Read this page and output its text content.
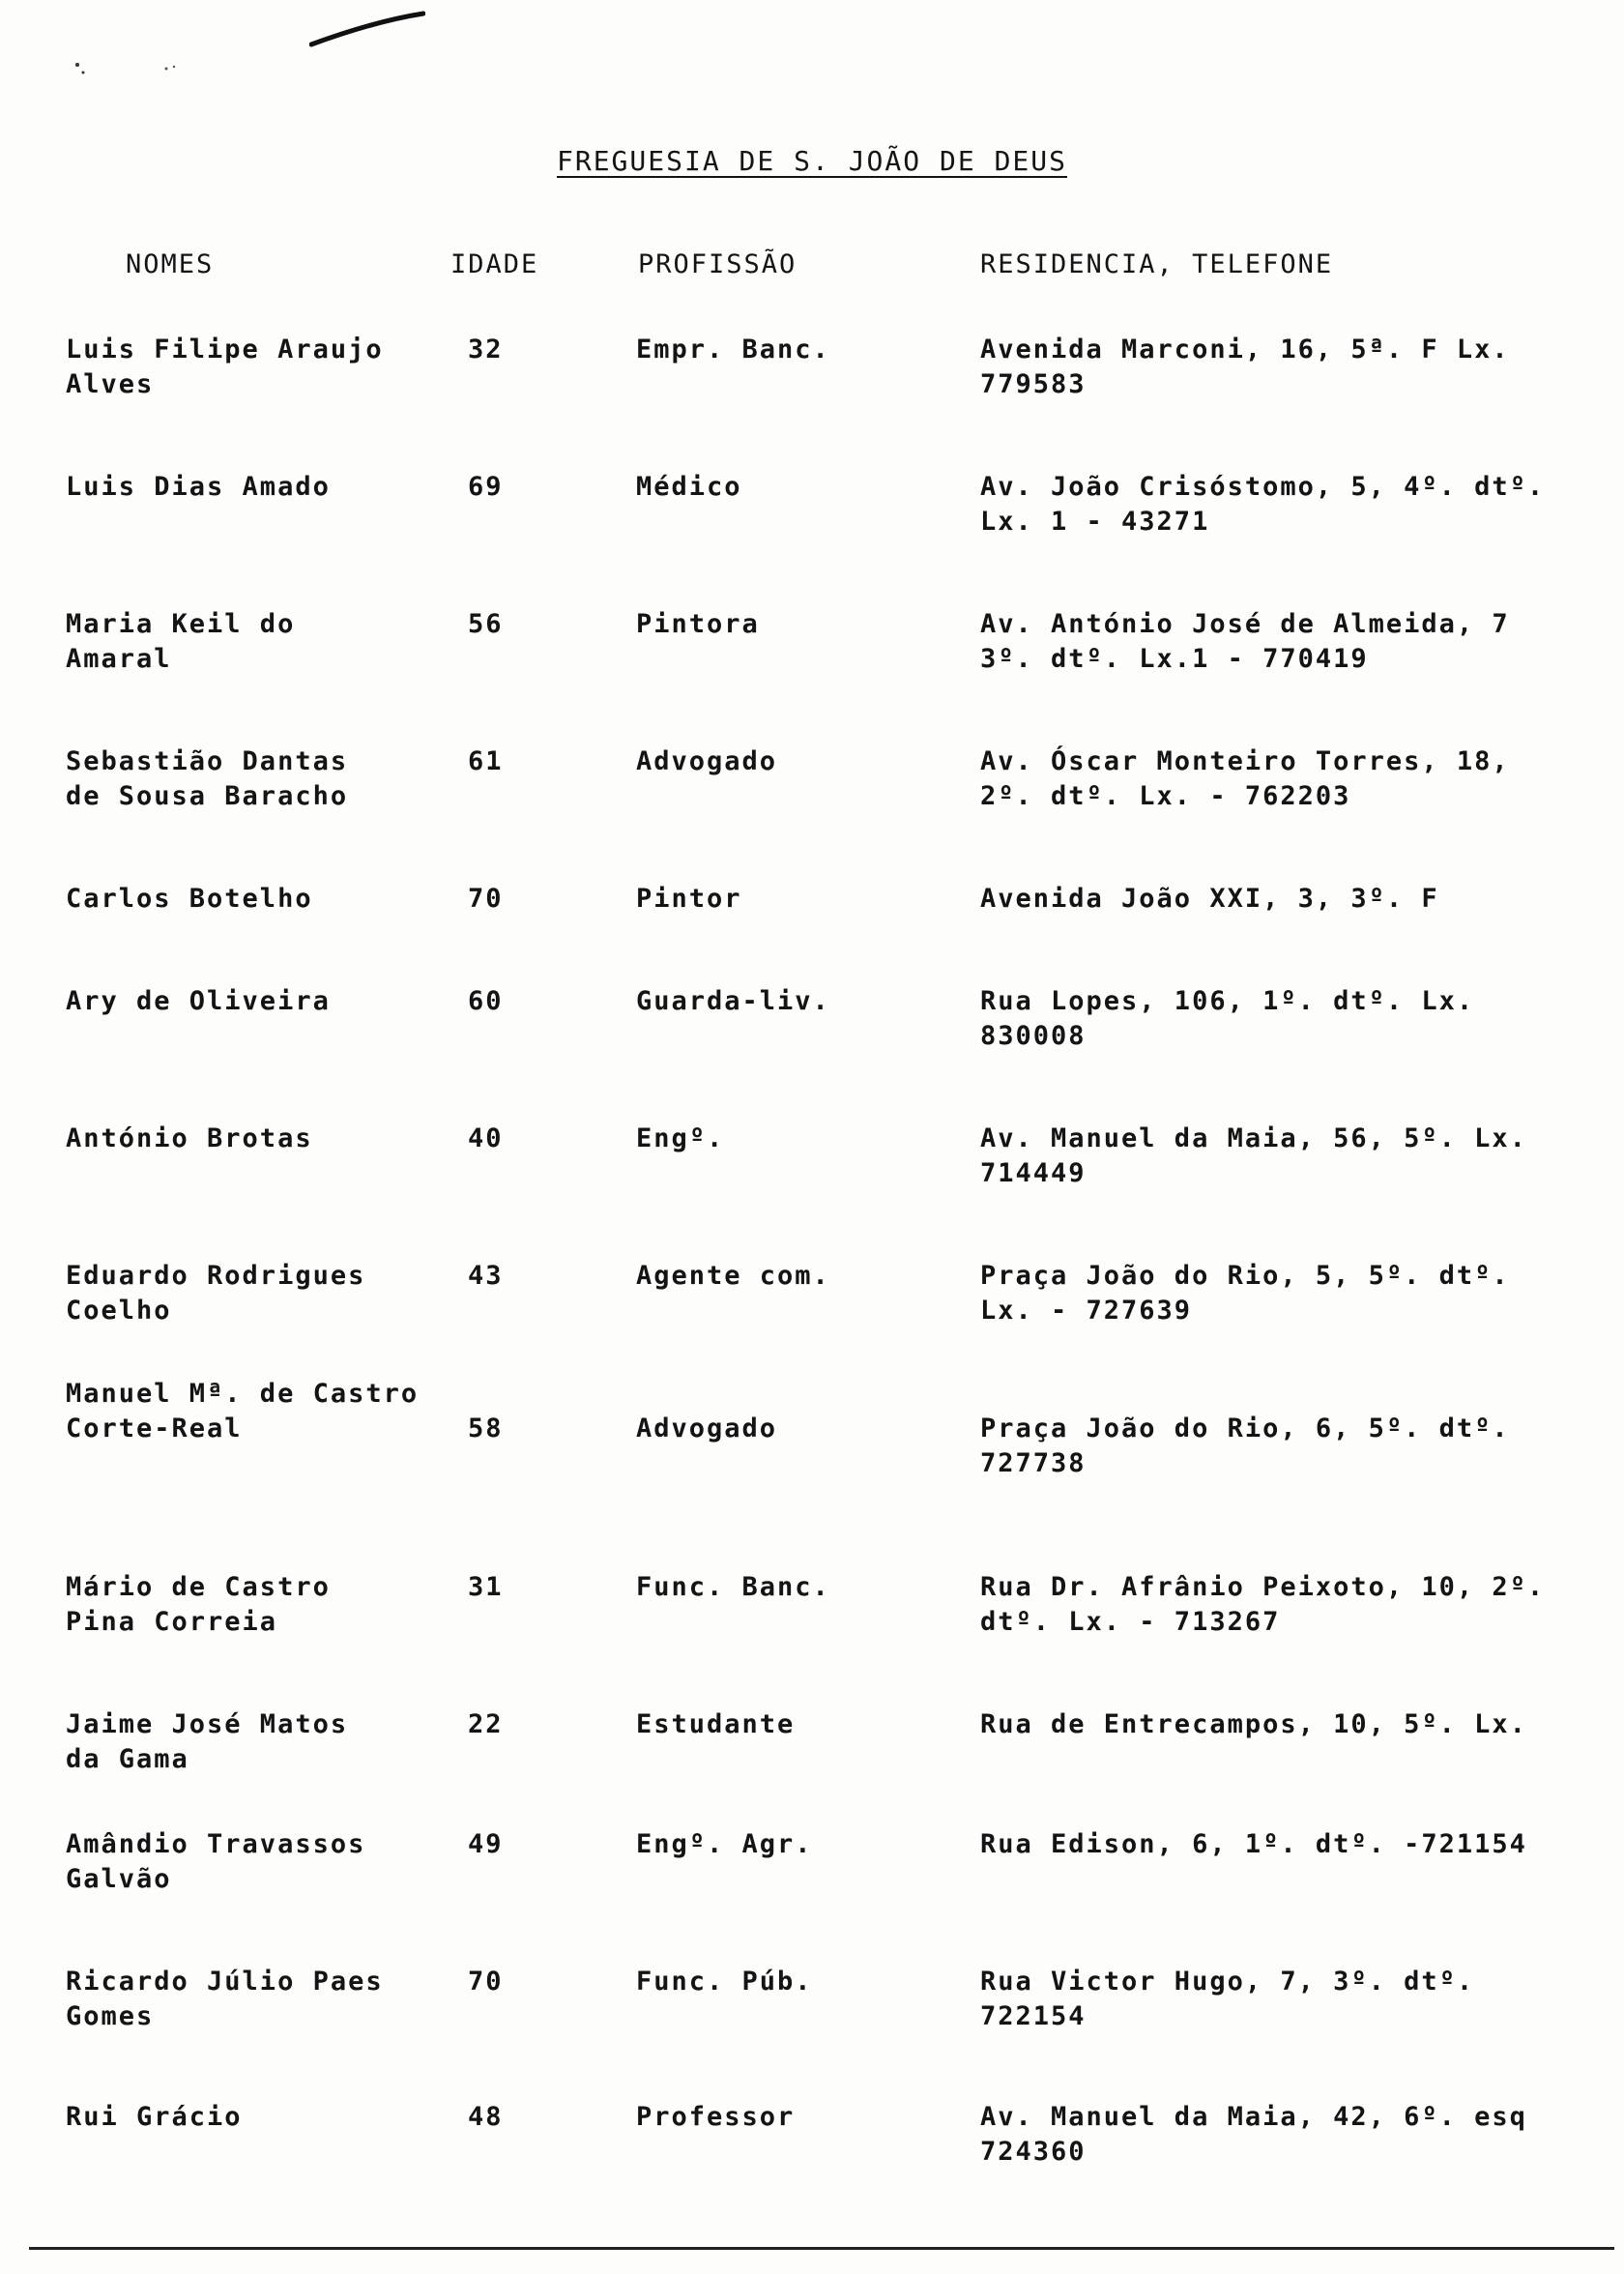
FREGUESIA DE S. JOÃO DE DEUS
NOMES	IDADE	PROFISSÃO	RESIDENCIA, TELEFONE
Luis Filipe Araujo
Alves
32	Empr. Banc.	Avenida Marconi, 16, 5ª. F Lx.
779583
Luis Dias Amado	69	Médico	Av. João Crisóstomo, 5, 4º. dtº.
Lx. 1 - 43271
Maria Keil do
Amaral
56	Pintora	Av. António José de Almeida, 7
3º. dtº. Lx.1 - 770419
Sebastião Dantas
de Sousa Baracho
61	Advogado	Av. Óscar Monteiro Torres, 18,
2º. dtº. Lx. - 762203
Carlos Botelho	70	Pintor	Avenida João XXI, 3, 3º. F
Ary de Oliveira	60	Guarda-liv.	Rua Lopes, 106, 1º. dtº. Lx.
830008
António Brotas	40	Engº.	Av. Manuel da Maia, 56, 5º. Lx.
714449
Eduardo Rodrigues
Coelho
43	Agente com.	Praça João do Rio, 5, 5º. dtº.
Lx. - 727639
Manuel Mª. de Castro
Corte-Real	58	Advogado	Praça João do Rio, 6, 5º. dtº.
727738
Mário de Castro
Pina Correia
31	Func. Banc.	Rua Dr. Afrânio Peixoto, 10, 2º.
dtº. Lx. - 713267
Jaime José Matos
da Gama
22	Estudante	Rua de Entrecampos, 10, 5º. Lx.
Amândio Travassos
Galvão
49	Engº. Agr.	Rua Edison, 6, 1º. dtº. -721154
Ricardo Júlio Paes
Gomes
70	Func. Púb.	Rua Victor Hugo, 7, 3º. dtº.
722154
Rui Grácio	48	Professor	Av. Manuel da Maia, 42, 6º. esq
724360
